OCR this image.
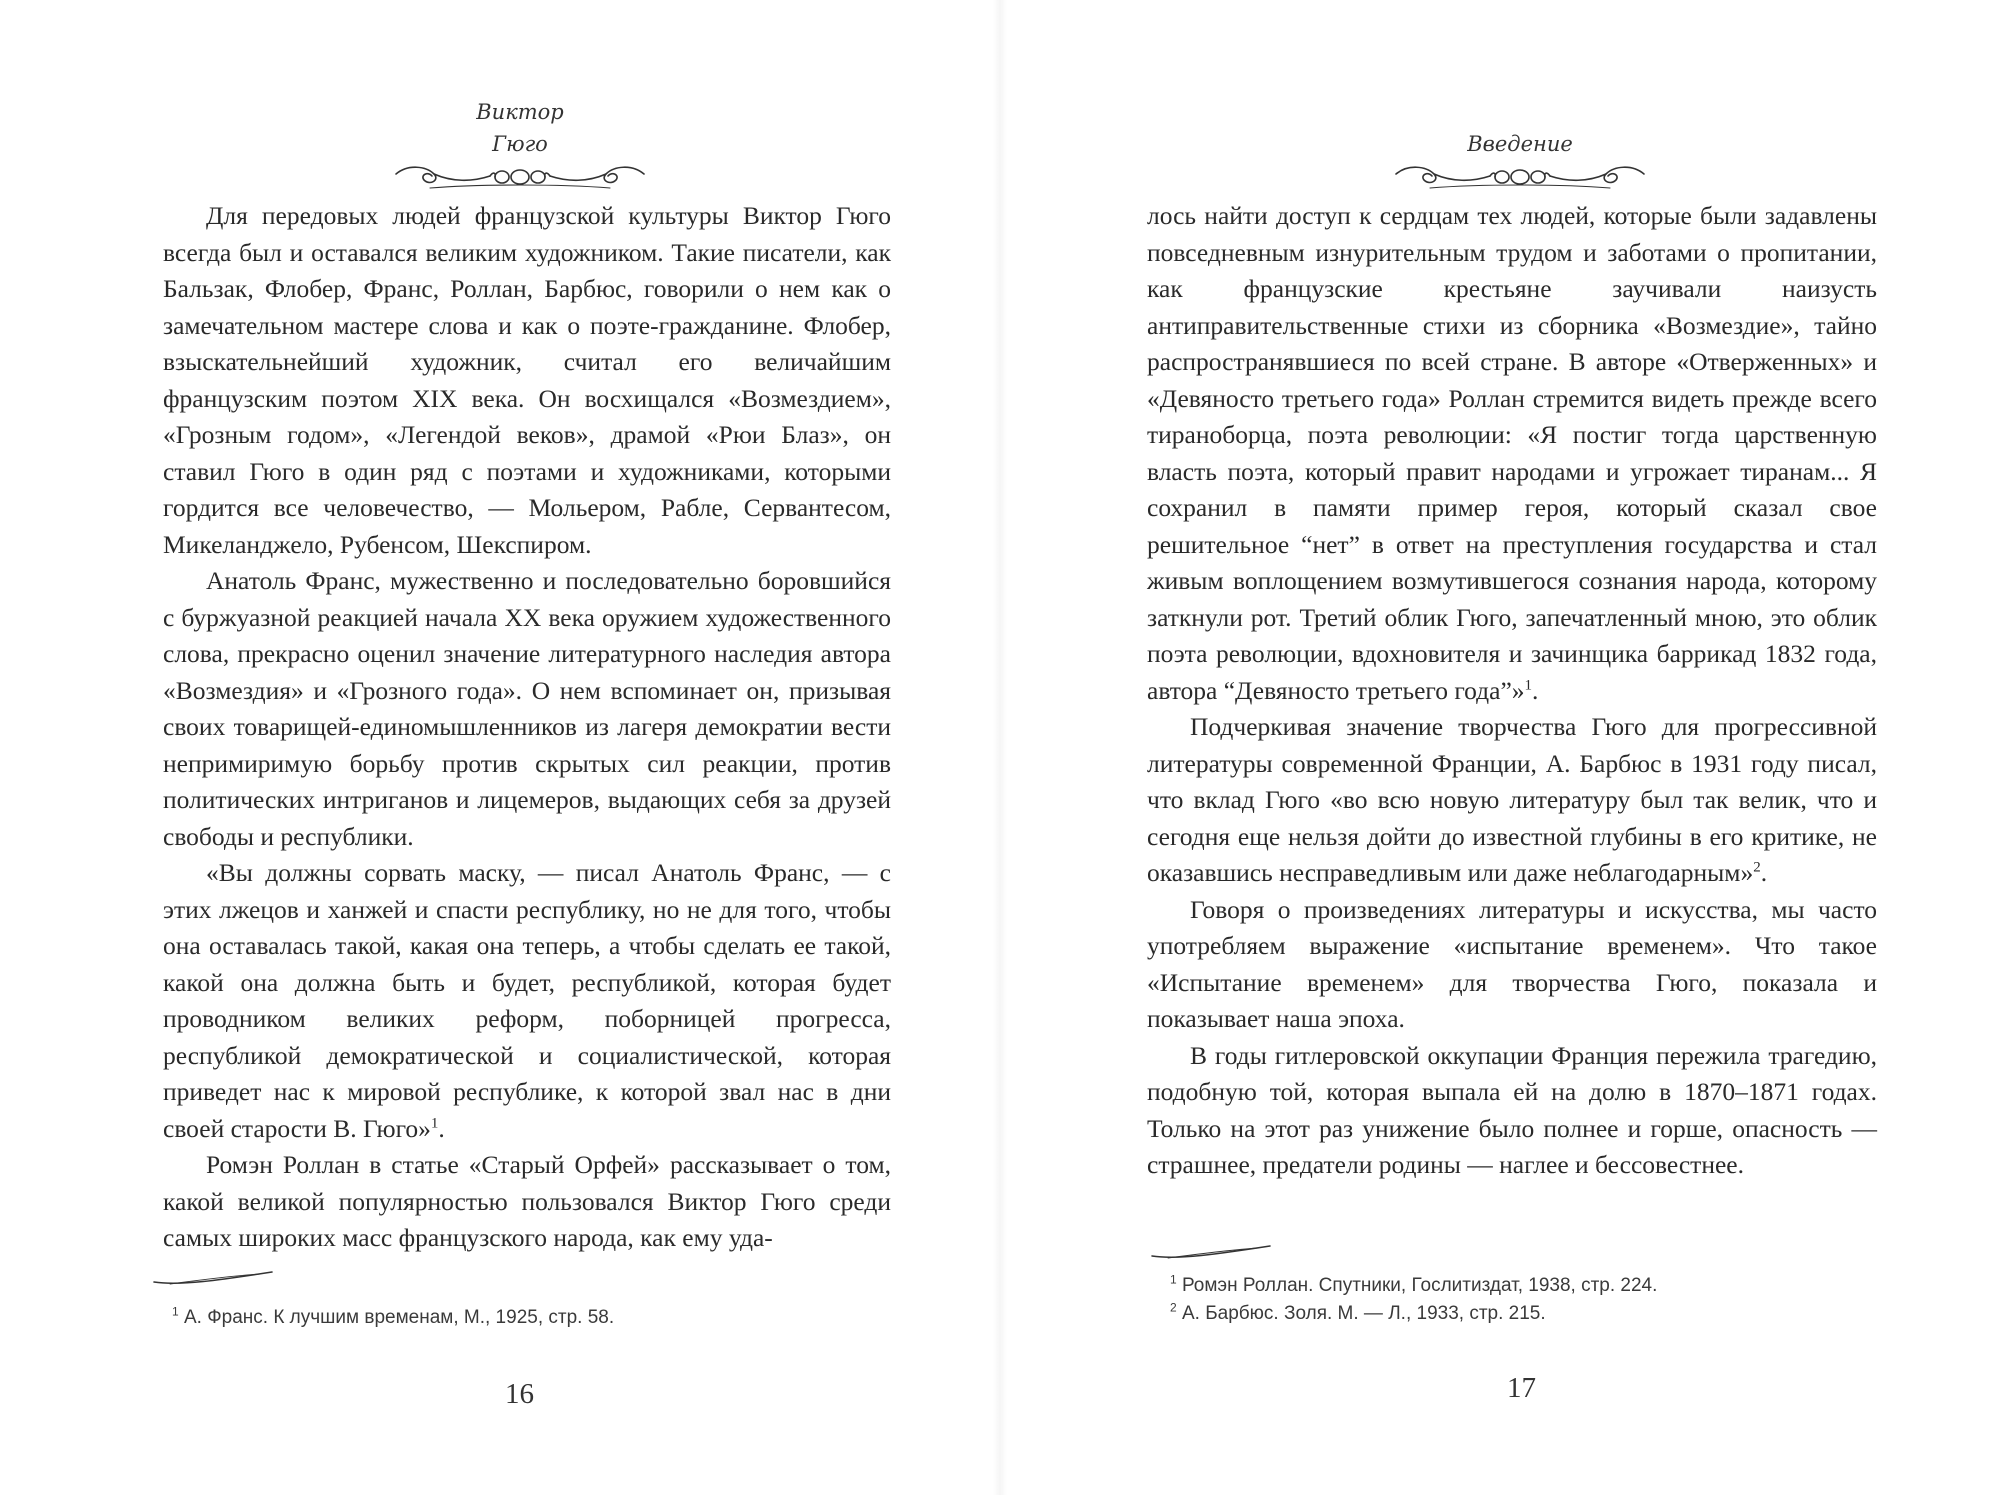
Виктор
Гюго

Для передовых людей французской культуры Виктор Гюго всегда был и оставался великим художником. Такие писатели, как Бальзак, Флобер, Франс, Роллан, Барбюс, говорили о нем как о замечательном мастере слова и как о поэте-гражданине. Флобер, взыскательнейший художник, считал его величайшим французским поэтом XIX века. Он восхищался «Возмездием», «Грозным годом», «Легендой веков», драмой «Рюи Блаз», он ставил Гюго в один ряд с поэтами и художниками, которыми гордится все человечество, — Мольером, Рабле, Сервантесом, Микеланджело, Рубенсом, Шекспиром.

Анатоль Франс, мужественно и последовательно боровшийся с буржуазной реакцией начала XX века оружием художественного слова, прекрасно оценил значение литературного наследия автора «Возмездия» и «Грозного года». О нем вспоминает он, призывая своих товарищей-единомышленников из лагеря демократии вести непримиримую борьбу против скрытых сил реакции, против политических интриганов и лицемеров, выдающих себя за друзей свободы и республики.

«Вы должны сорвать маску, — писал Анатоль Франс, — с этих лжецов и ханжей и спасти республику, но не для того, чтобы она оставалась такой, какая она теперь, а чтобы сделать ее такой, какой она должна быть и будет, республикой, которая будет проводником великих реформ, поборницей прогресса, республикой демократической и социалистической, которая приведет нас к мировой республике, к которой звал нас в дни своей старости В. Гюго»$^1$.

Ромэн Роллан в статье «Старый Орфей» рассказывает о том, какой великой популярностью пользовался Виктор Гюго среди самых широких масс французского народа, как ему уда-

$^1$ А. Франс. К лучшим временам, М., 1925, стр. 58.
16
Введение

лось найти доступ к сердцам тех людей, которые были задавлены повседневным изнурительным трудом и заботами о пропитании, как французские крестьяне заучивали наизусть антиправительственные стихи из сборника «Возмездие», тайно распространявшиеся по всей стране. В авторе «Отверженных» и «Девяносто третьего года» Роллан стремится видеть прежде всего тираноборца, поэта революции: «Я постиг тогда царственную власть поэта, который правит народами и угрожает тиранам... Я сохранил в памяти пример героя, который сказал свое решительное “нет” в ответ на преступления государства и стал живым воплощением возмутившегося сознания народа, которому заткнули рот. Третий облик Гюго, запечатленный мною, это облик поэта революции, вдохновителя и зачинщика баррикад 1832 года, автора “Девяносто третьего года”»$^1$.

Подчеркивая значение творчества Гюго для прогрессивной литературы современной Франции, А. Барбюс в 1931 году писал, что вклад Гюго «во всю новую литературу был так велик, что и сегодня еще нельзя дойти до известной глубины в его критике, не оказавшись несправедливым или даже неблагодарным»$^2$.

Говоря о произведениях литературы и искусства, мы часто употребляем выражение «испытание временем». Что такое «Испытание временем» для творчества Гюго, показала и показывает наша эпоха.

В годы гитлеровской оккупации Франция пережила трагедию, подобную той, которая выпала ей на долю в 1870–1871 годах. Только на этот раз унижение было полнее и горше, опасность — страшнее, предатели родины — наглее и бессовестнее.

$^1$ Ромэн Роллан. Спутники, Гослитиздат, 1938, стр. 224.
$^2$ А. Барбюс. Золя. М. — Л., 1933, стр. 215.
17
